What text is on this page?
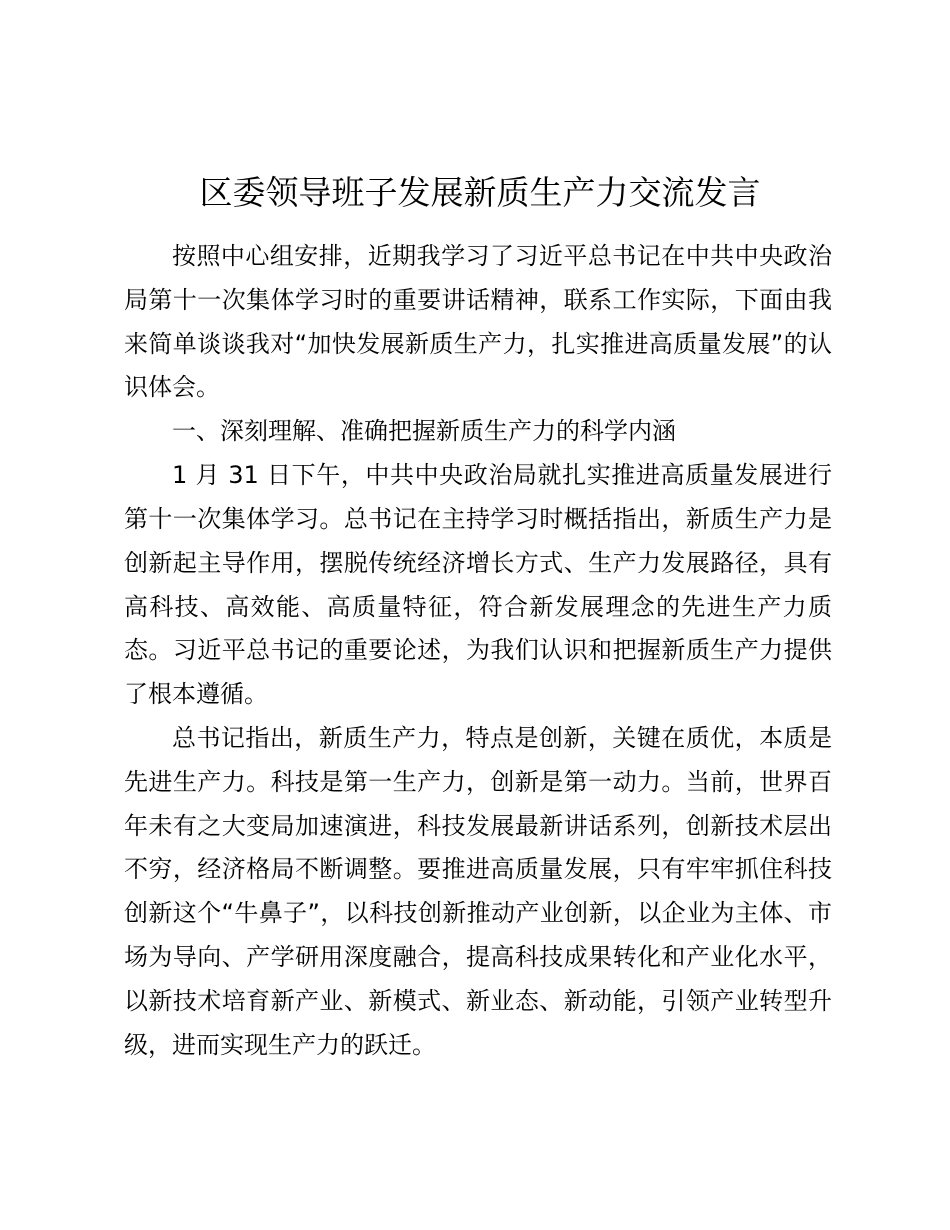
区委领导班子发展新质生产力交流发言

按照中心组安排，近期我学习了习近平总书记在中共中央政治局第十一次集体学习时的重要讲话精神，联系工作实际，下面由我来简单谈谈我对“加快发展新质生产力，扎实推进高质量发展”的认识体会。

一、深刻理解、准确把握新质生产力的科学内涵

1 月 31 日下午，中共中央政治局就扎实推进高质量发展进行第十一次集体学习。总书记在主持学习时概括指出，新质生产力是创新起主导作用，摆脱传统经济增长方式、生产力发展路径，具有高科技、高效能、高质量特征，符合新发展理念的先进生产力质态。习近平总书记的重要论述，为我们认识和把握新质生产力提供了根本遵循。

总书记指出，新质生产力，特点是创新，关键在质优，本质是先进生产力。科技是第一生产力，创新是第一动力。当前，世界百年未有之大变局加速演进，科技发展最新讲话系列，创新技术层出不穷，经济格局不断调整。要推进高质量发展，只有牢牢抓住科技创新这个“牛鼻子”，以科技创新推动产业创新，以企业为主体、市场为导向、产学研用深度融合，提高科技成果转化和产业化水平，以新技术培育新产业、新模式、新业态、新动能，引领产业转型升级，进而实现生产力的跃迁。
